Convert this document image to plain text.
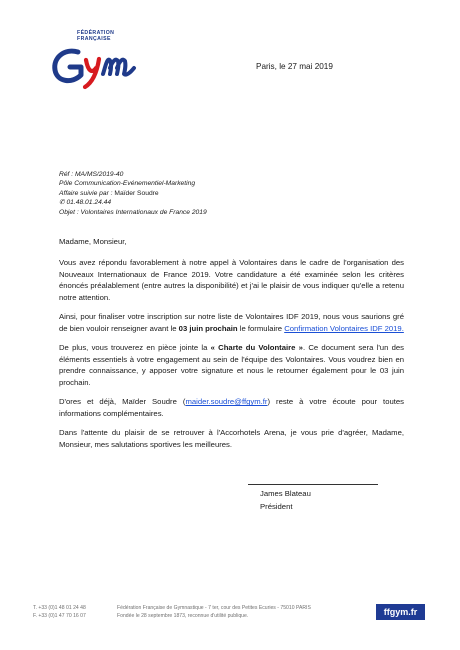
FÉDÉRATION
FRANÇAISE
Paris, le 27 mai 2019
Réf : MA/MS/2019-40
Pôle Communication-Evénementiel-Marketing
Affaire suivie par : Maïder Soudre
✆ 01.48.01.24.44
Objet : Volontaires Internationaux de France 2019

Madame, Monsieur,

Vous avez répondu favorablement à notre appel à Volontaires dans le cadre de l'organisation des Nouveaux Internationaux de France 2019. Votre candidature a été examinée selon les critères énoncés préalablement (entre autres la disponibilité) et j'ai le plaisir de vous indiquer qu'elle a retenu notre attention.

Ainsi, pour finaliser votre inscription sur notre liste de Volontaires IDF 2019, nous vous saurions gré de bien vouloir renseigner avant le 03 juin prochain le formulaire Confirmation Volontaires IDF 2019.

De plus, vous trouverez en pièce jointe la « Charte du Volontaire ». Ce document sera l'un des éléments essentiels à votre engagement au sein de l'équipe des Volontaires. Vous voudrez bien en prendre connaissance, y apposer votre signature et nous le retourner également pour le 03 juin prochain.

D'ores et déjà, Maïder Soudre (maider.soudre@ffgym.fr) reste à votre écoute pour toutes informations complémentaires.

Dans l'attente du plaisir de se retrouver à l'Accorhotels Arena, je vous prie d'agréer, Madame, Monsieur, mes salutations sportives les meilleures.

James Blateau
Président
T. +33 (0)1 48 01 24 48
F. +33 (0)1 47 70 16 07
Fédération Française de Gymnastique - 7 ter, cour des Petites Ecuries - 75010 PARIS
Fondée le 28 septembre 1873, reconnue d'utilité publique.	ffgym.fr
